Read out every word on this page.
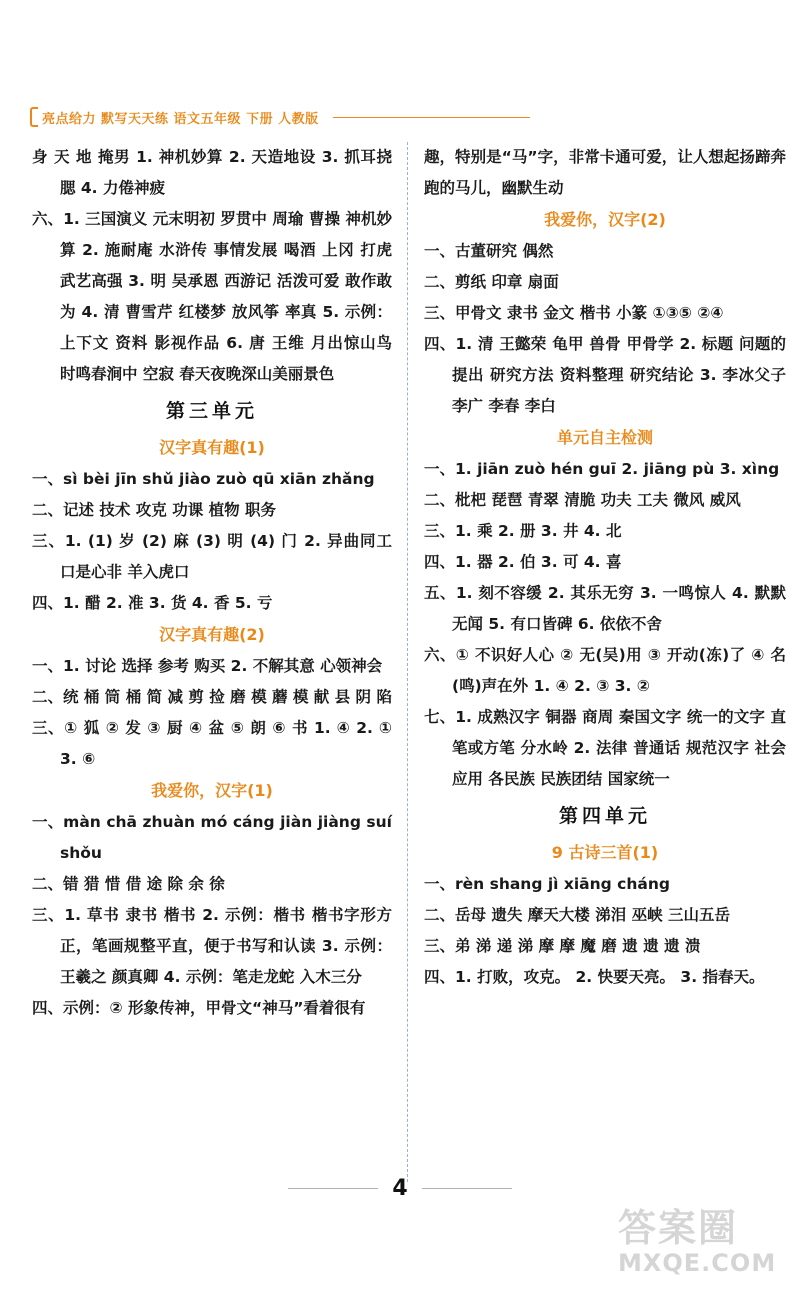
亮点给力 默写天天练 语文五年级 下册 人教版
身 天 地 掩男 1. 神机妙算 2. 天造地设 3. 抓耳挠腮 4. 力倦神疲
六、1. 三国演义 元末明初 罗贯中 周瑜 曹操 神机妙算 2. 施耐庵 水浒传 事情发展 喝酒 上冈 打虎 武艺高强 3. 明 吴承恩 西游记 活泼可爱 敢作敢为 4. 清 曹雪芹 红楼梦 放风筝 率真 5. 示例：上下文 资料 影视作品 6. 唐 王维 月出惊山鸟 时鸣春涧中 空寂 春天夜晚深山美丽景色
第三单元
汉字真有趣(1)
一、sì bèi jīn shǔ jiào zuò qū xiān zhǎng
二、记述 技术 攻克 功课 植物 职务
三、1. (1) 岁 (2) 麻 (3) 明 (4) 门 2. 异曲同工 口是心非 羊入虎口
四、1. 醋 2. 准 3. 货 4. 香 5. 亏
汉字真有趣(2)
一、1. 讨论 选择 参考 购买 2. 不解其意 心领神会
二、统 桶 筒 桶 简 减 剪 捡 磨 模 蘑 模 献 县 阴 陷
三、① 狐 ② 发 ③ 厨 ④ 盆 ⑤ 朗 ⑥ 书 1. ④ 2. ① 3. ⑥
我爱你，汉字(1)
一、màn chā zhuàn mó cáng jiàn jiàng suí shǒu
二、错 猎 惜 借 途 除 余 徐
三、1. 草书 隶书 楷书 2. 示例：楷书 楷书字形方正，笔画规整平直，便于书写和认读 3. 示例：王羲之 颜真卿 4. 示例：笔走龙蛇 入木三分
四、示例：② 形象传神，甲骨文“神马”看着很有
趣，特别是“马”字，非常卡通可爱，让人想起扬蹄奔跑的马儿，幽默生动
我爱你，汉字(2)
一、古董研究 偶然
二、剪纸 印章 扇面
三、甲骨文 隶书 金文 楷书 小篆 ①③⑤ ②④
四、1. 清 王懿荣 龟甲 兽骨 甲骨学 2. 标题 问题的提出 研究方法 资料整理 研究结论 3. 李冰父子 李广 李春 李白
单元自主检测
一、1. jiān zuò hén guī 2. jiāng pù 3. xìng
二、枇杷 琵琶 青翠 清脆 功夫 工夫 微风 威风
三、1. 乘 2. 册 3. 井 4. 北
四、1. 器 2. 伯 3. 可 4. 喜
五、1. 刻不容缓 2. 其乐无穷 3. 一鸣惊人 4. 默默无闻 5. 有口皆碑 6. 依依不舍
六、① 不识好人心 ② 无(吴)用 ③ 开动(冻)了 ④ 名(鸣)声在外 1. ④ 2. ③ 3. ②
七、1. 成熟汉字 铜器 商周 秦国文字 统一的文字 直笔或方笔 分水岭 2. 法律 普通话 规范汉字 社会应用 各民族 民族团结 国家统一
第四单元
9 古诗三首(1)
一、rèn shang jì xiāng cháng
二、岳母 遗失 摩天大楼 涕泪 巫峡 三山五岳
三、弟 涕 递 涕 摩 摩 魔 磨 遗 遗 遗 溃
四、1. 打败，攻克。 2. 快要天亮。 3. 指春天。
4
答案圈
MXQE.COM
